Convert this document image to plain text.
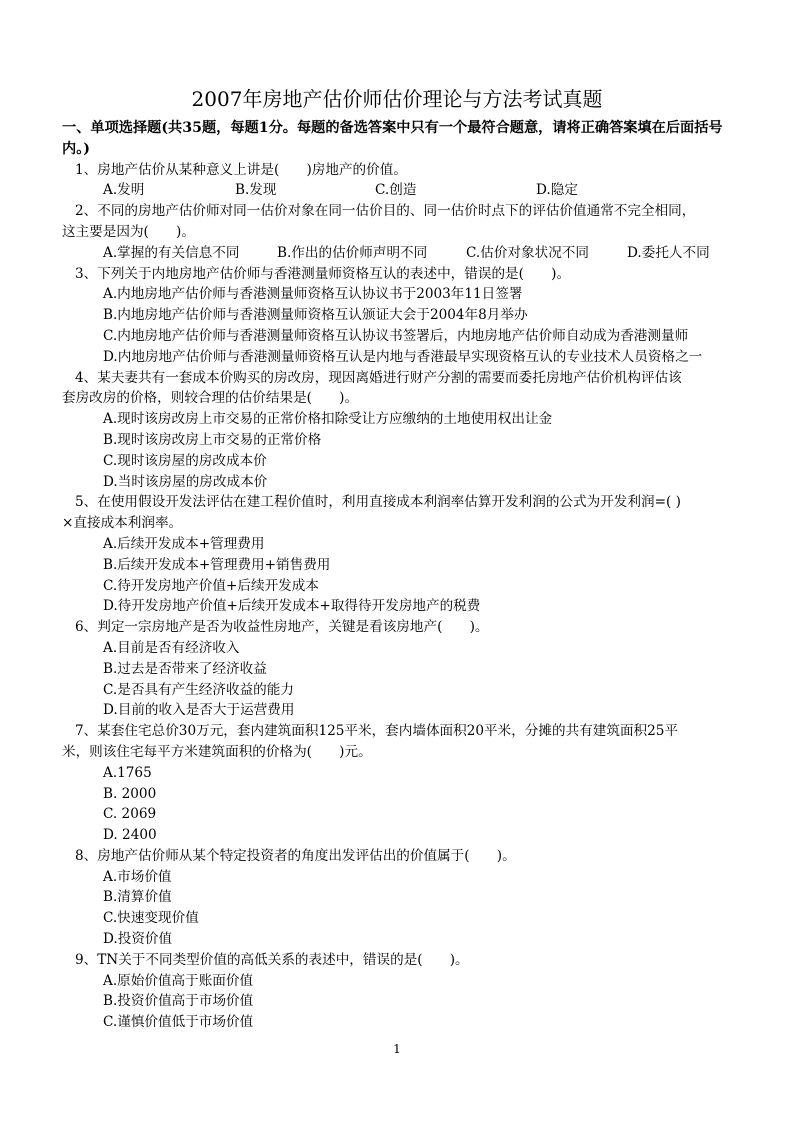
2007年房地产估价师估价理论与方法考试真题
一、单项选择题(共35题，每题1分。每题的备选答案中只有一个最符合题意，请将正确答案填在后面括号
内。)
1、房地产估价从某种意义上讲是(　　)房地产的价值。
A.发明	B.发现	C.创造	D.隐定
2、不同的房地产估价师对同一估价对象在同一估价目的、同一估价时点下的评估价值通常不完全相同，
这主要是因为(　　)。
A.掌握的有关信息不同	B.作出的估价师声明不同	C.估价对象状况不同	D.委托人不同
3、下列关于内地房地产估价师与香港测量师资格互认的表述中，错误的是(　　)。
A.内地房地产估价师与香港测量师资格互认协议书于2003年11日签署
B.内地房地产估价师与香港测量师资格互认颁证大会于2004年8月举办
C.内地房地产估价师与香港测量师资格互认协议书签署后，内地房地产估价师自动成为香港测量师
D.内地房地产估价师与香港测量师资格互认是内地与香港最早实现资格互认的专业技术人员资格之一
4、某夫妻共有一套成本价购买的房改房，现因离婚进行财产分割的需要而委托房地产估价机构评估该
套房改房的价格，则较合理的估价结果是(　　)。
A.现时该房改房上市交易的正常价格扣除受让方应缴纳的土地使用权出让金
B.现时该房改房上市交易的正常价格
C.现时该房屋的房改成本价
D.当时该房屋的房改成本价
5、在使用假设开发法评估在建工程价值时，利用直接成本利润率估算开发利润的公式为开发利润=( )
×直接成本利润率。
A.后续开发成本+管理费用
B.后续开发成本+管理费用+销售费用
C.待开发房地产价值+后续开发成本
D.待开发房地产价值+后续开发成本+取得待开发房地产的税费
6、判定一宗房地产是否为收益性房地产，关键是看该房地产(　　)。
A.目前是否有经济收入
B.过去是否带来了经济收益
C.是否具有产生经济收益的能力
D.目前的收入是否大于运营费用
7、某套住宅总价30万元，套内建筑面积125平米，套内墙体面积20平米，分摊的共有建筑面积25平
米，则该住宅每平方米建筑面积的价格为(　　)元。
A.1765
B. 2000
C. 2069
D. 2400
8、房地产估价师从某个特定投资者的角度出发评估出的价值属于(　　)。
A.市场价值
B.清算价值
C.快速变现价值
D.投资价值
9、TN关于不同类型价值的高低关系的表述中，错误的是(　　)。
A.原始价值高于账面价值
B.投资价值高于市场价值
C.谨慎价值低于市场价值
1
